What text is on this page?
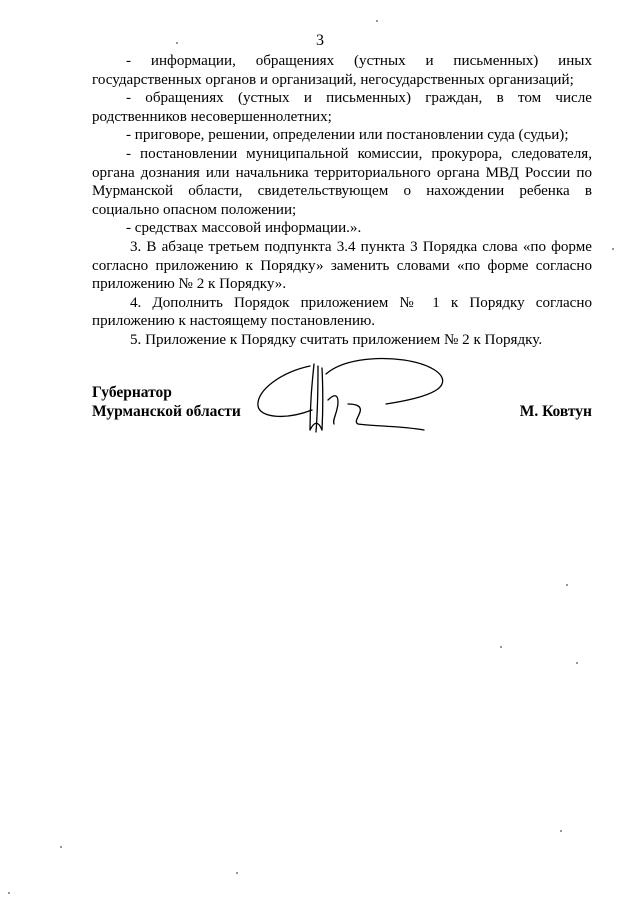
3

- информации, обращениях (устных и письменных) иных государственных органов и организаций, негосударственных организаций;

- обращениях (устных и письменных) граждан, в том числе родственников несовершеннолетних;

- приговоре, решении, определении или постановлении суда (судьи);

- постановлении муниципальной комиссии, прокурора, следователя, органа дознания или начальника территориального органа МВД России по Мурманской области, свидетельствующем о нахождении ребенка в социально опасном положении;

- средствах массовой информации.».

3. В абзаце третьем подпункта 3.4 пункта 3 Порядка слова «по форме согласно приложению к Порядку» заменить словами «по форме согласно приложению № 2 к Порядку».

4. Дополнить Порядок приложением № 1 к Порядку согласно приложению к настоящему постановлению.

5. Приложение к Порядку считать приложением № 2 к Порядку.

Губернатор
Мурманской области	М. Ковтун
